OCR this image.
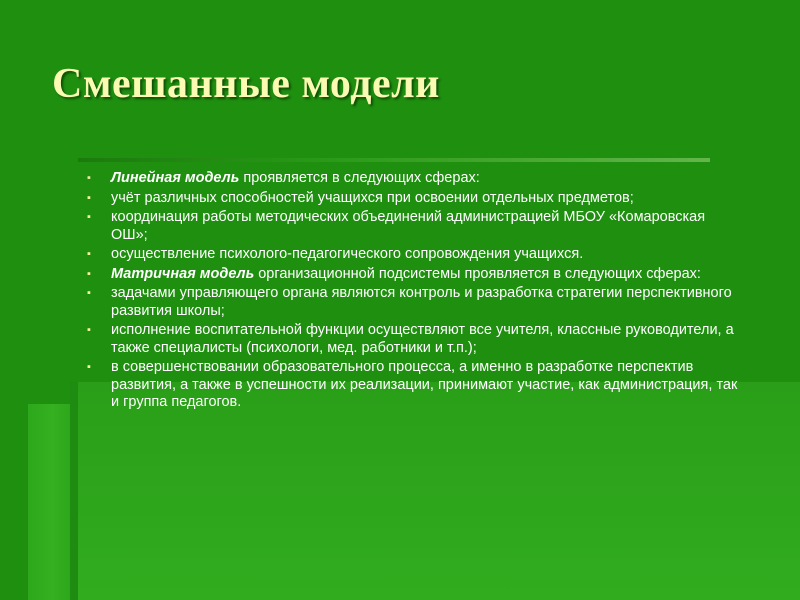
Смешанные модели
▪ Линейная модель проявляется в следующих сферах:
▪ учёт различных способностей учащихся при освоении отдельных предметов;
▪ координация работы методических объединений администрацией МБОУ «Комаровская ОШ»;
▪ осуществление психолого-педагогического сопровождения учащихся.
▪ Матричная модель организационной подсистемы проявляется в следующих сферах:
▪ задачами управляющего органа являются контроль и разработка стратегии перспективного развития школы;
▪ исполнение воспитательной функции осуществляют все учителя, классные руководители, а также специалисты (психологи, мед. работники и т.п.);
▪ в совершенствовании образовательного процесса, а именно в разработке перспектив развития, а также в успешности их реализации, принимают участие, как администрация, так и группа педагогов.
